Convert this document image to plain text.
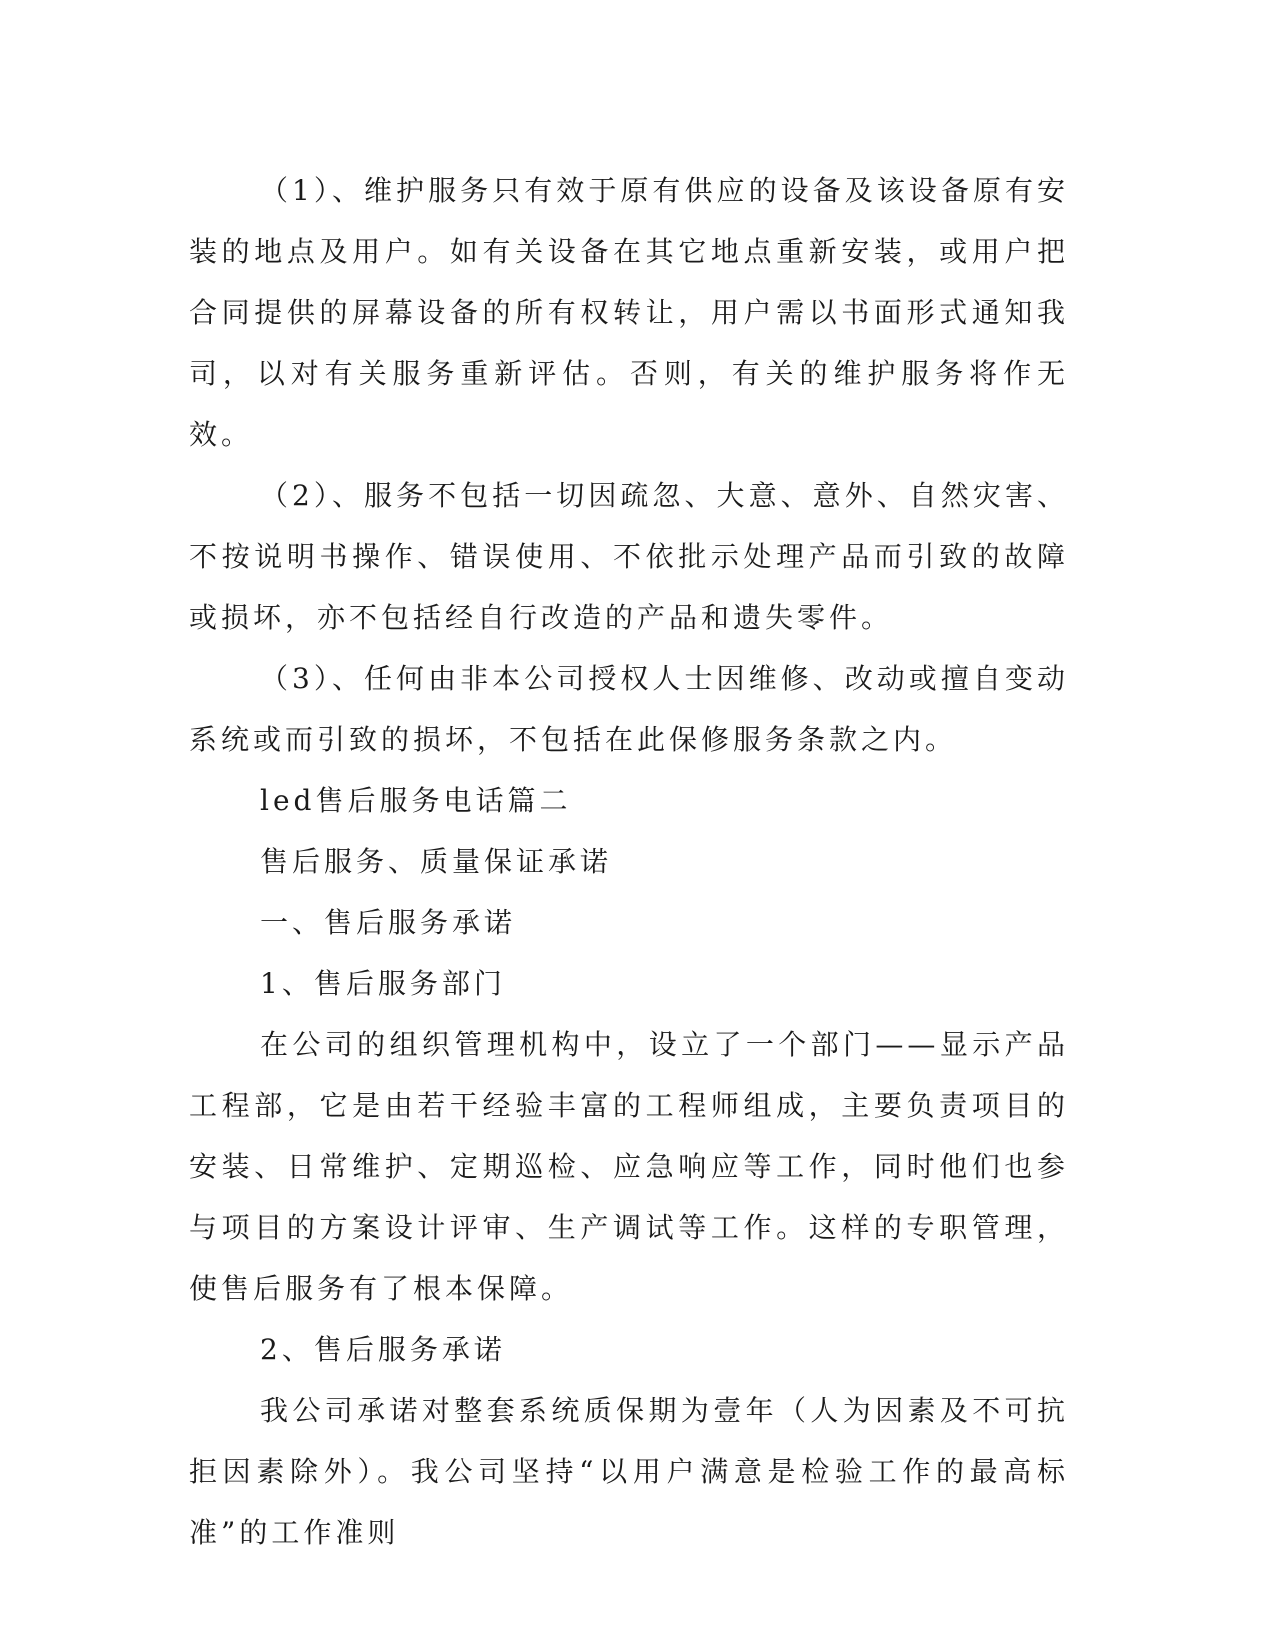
（1）、维护服务只有效于原有供应的设备及该设备原有安装的地点及用户。如有关设备在其它地点重新安装，或用户把合同提供的屏幕设备的所有权转让，用户需以书面形式通知我司，以对有关服务重新评估。否则，有关的维护服务将作无效。

（2）、服务不包括一切因疏忽、大意、意外、自然灾害、不按说明书操作、错误使用、不依批示处理产品而引致的故障或损坏，亦不包括经自行改造的产品和遗失零件。

（3）、任何由非本公司授权人士因维修、改动或擅自变动系统或而引致的损坏，不包括在此保修服务条款之内。

led售后服务电话篇二

售后服务、质量保证承诺

一、售后服务承诺

1、售后服务部门

在公司的组织管理机构中，设立了一个部门——显示产品工程部，它是由若干经验丰富的工程师组成，主要负责项目的安装、日常维护、定期巡检、应急响应等工作，同时他们也参与项目的方案设计评审、生产调试等工作。这样的专职管理，使售后服务有了根本保障。

2、售后服务承诺

我公司承诺对整套系统质保期为壹年（人为因素及不可抗拒因素除外）。我公司坚持“以用户满意是检验工作的最高标准”的工作准则
